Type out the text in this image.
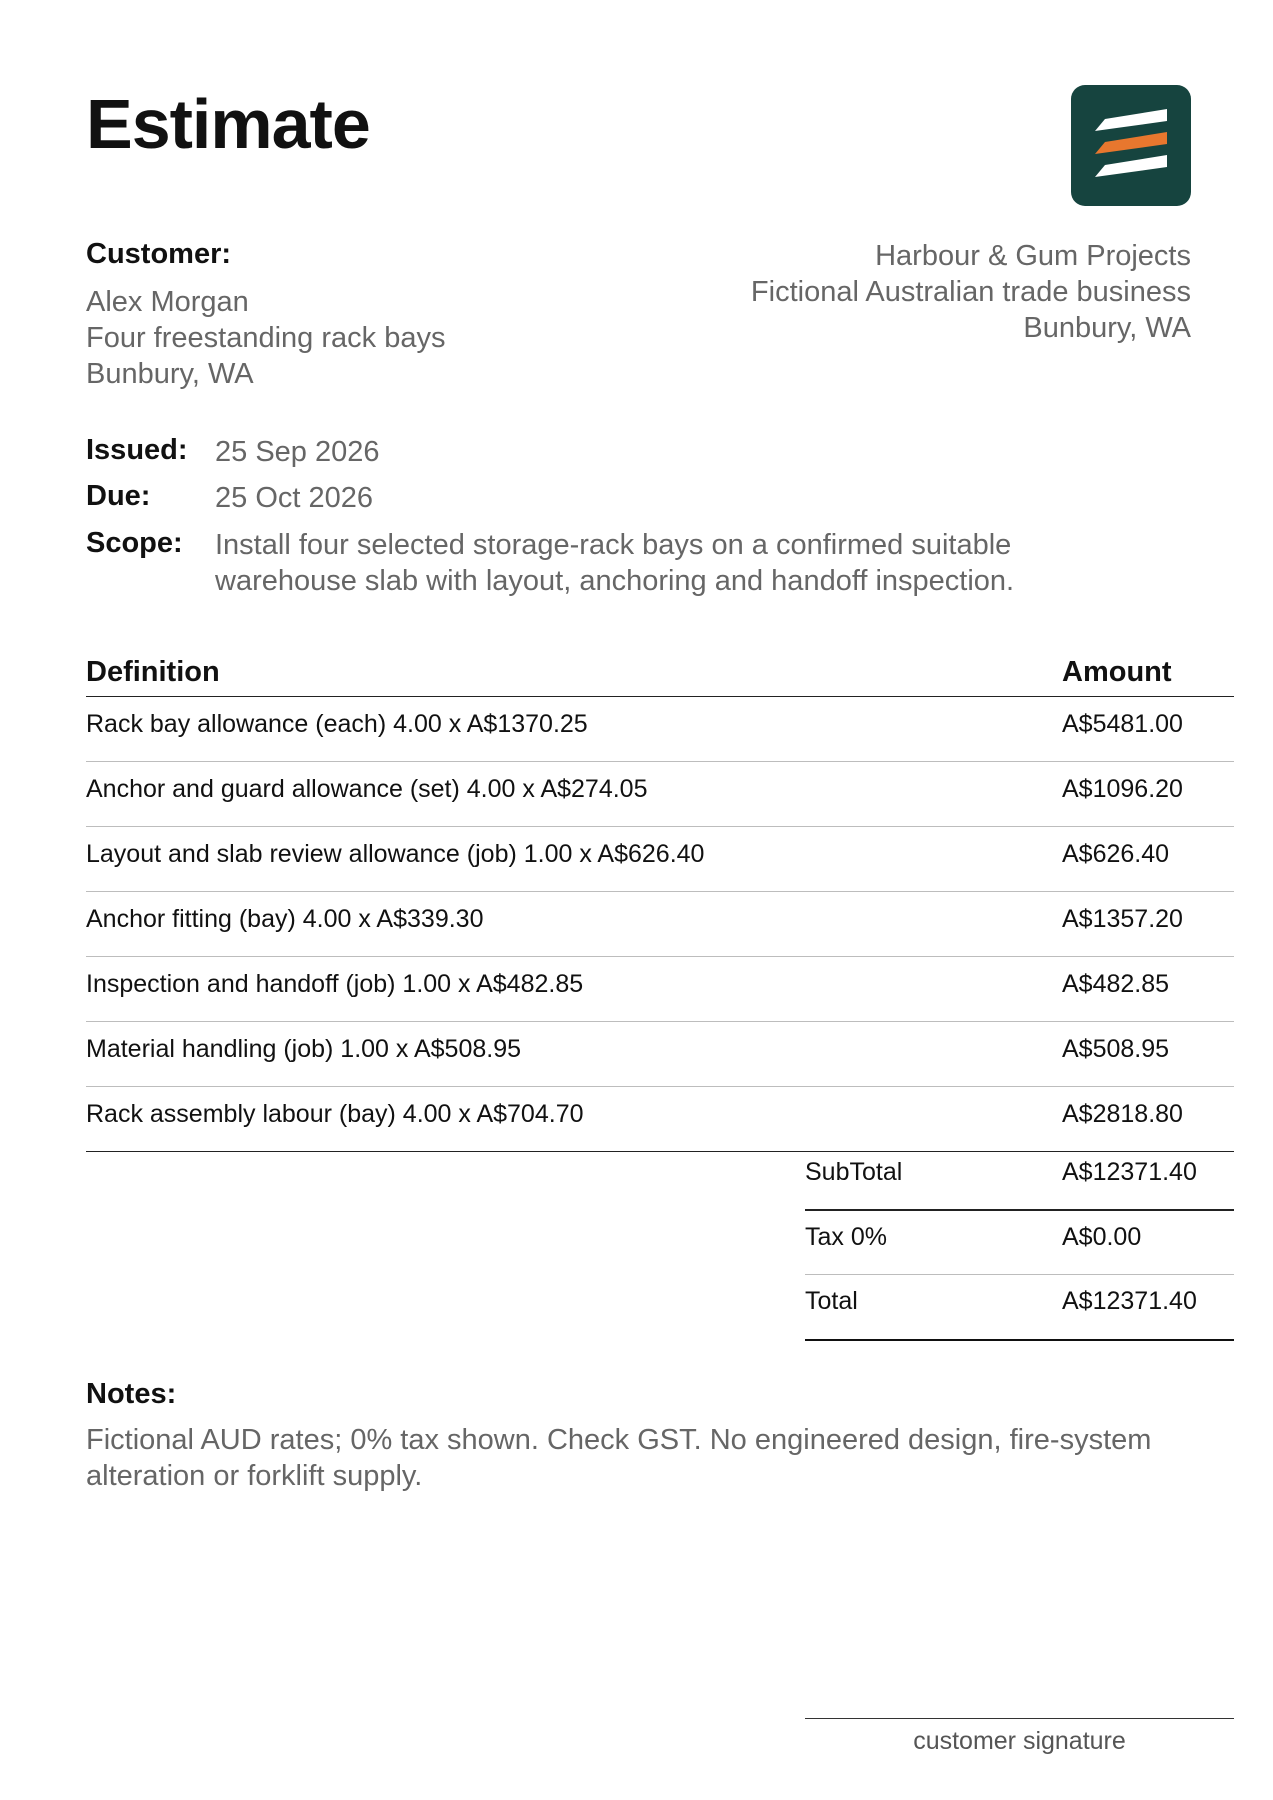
Estimate
Customer:
Alex Morgan
Four freestanding rack bays
Bunbury, WA
Harbour & Gum Projects
Fictional Australian trade business
Bunbury, WA
Issued: 25 Sep 2026
Due: 25 Oct 2026
Scope: Install four selected storage-rack bays on a confirmed suitable
warehouse slab with layout, anchoring and handoff inspection.
Definition	Amount
Rack bay allowance (each) 4.00 x A$1370.25	A$5481.00
Anchor and guard allowance (set) 4.00 x A$274.05	A$1096.20
Layout and slab review allowance (job) 1.00 x A$626.40	A$626.40
Anchor fitting (bay) 4.00 x A$339.30	A$1357.20
Inspection and handoff (job) 1.00 x A$482.85	A$482.85
Material handling (job) 1.00 x A$508.95	A$508.95
Rack assembly labour (bay) 4.00 x A$704.70	A$2818.80
SubTotal	A$12371.40
Tax 0%	A$0.00
Total	A$12371.40
Notes:
Fictional AUD rates; 0% tax shown. Check GST. No engineered design, fire-system
alteration or forklift supply.
customer signature
